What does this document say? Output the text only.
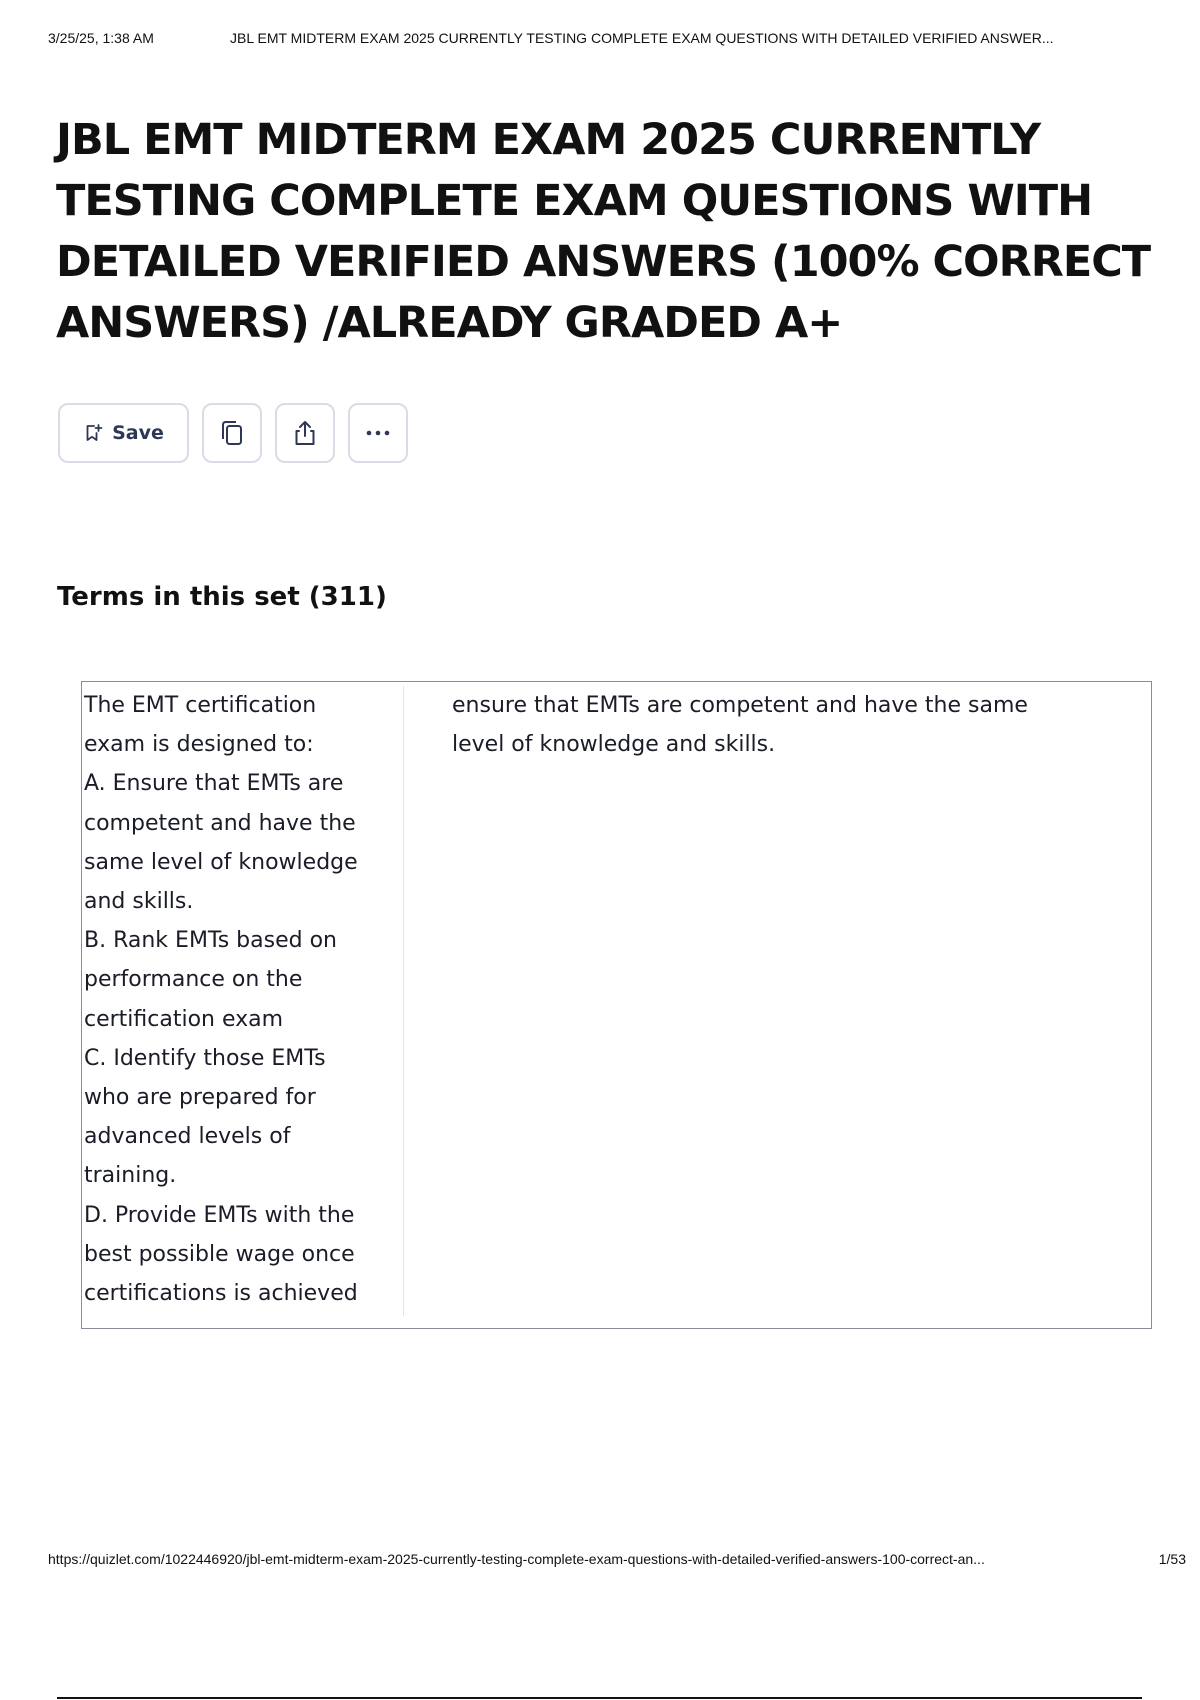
3/25/25, 1:38 AM	JBL EMT MIDTERM EXAM 2025 CURRENTLY TESTING COMPLETE EXAM QUESTIONS WITH DETAILED VERIFIED ANSWER...
JBL EMT MIDTERM EXAM 2025 CURRENTLY TESTING COMPLETE EXAM QUESTIONS WITH DETAILED VERIFIED ANSWERS (100% CORRECT ANSWERS) /ALREADY GRADED A+
Save
Terms in this set (311)
The EMT certification
exam is designed to:
A. Ensure that EMTs are
competent and have the
same level of knowledge
and skills.
B. Rank EMTs based on
performance on the
certification exam
C. Identify those EMTs
who are prepared for
advanced levels of
training.
D. Provide EMTs with the
best possible wage once
certifications is achieved
ensure that EMTs are competent and have the same level of knowledge and skills.
https://quizlet.com/1022446920/jbl-emt-midterm-exam-2025-currently-testing-complete-exam-questions-with-detailed-verified-answers-100-correct-an...	1/53
